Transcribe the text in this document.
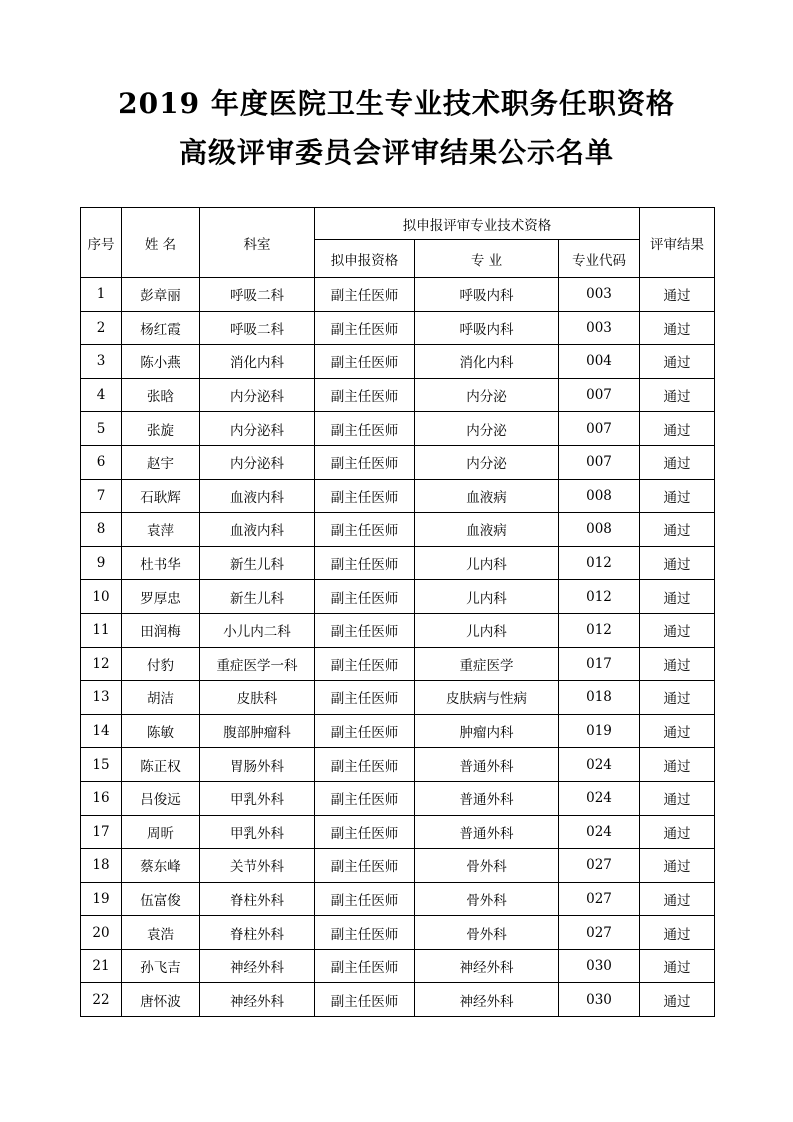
2019 年度医院卫生专业技术职务任职资格
高级评审委员会评审结果公示名单
序号	姓 名	科室	拟申报评审专业技术资格			评审结果
			拟申报资格	专 业	专业代码	
1	彭章丽	呼吸二科	副主任医师	呼吸内科	003	通过
2	杨红霞	呼吸二科	副主任医师	呼吸内科	003	通过
3	陈小燕	消化内科	副主任医师	消化内科	004	通过
4	张晗	内分泌科	副主任医师	内分泌	007	通过
5	张旋	内分泌科	副主任医师	内分泌	007	通过
6	赵宇	内分泌科	副主任医师	内分泌	007	通过
7	石耿辉	血液内科	副主任医师	血液病	008	通过
8	袁萍	血液内科	副主任医师	血液病	008	通过
9	杜书华	新生儿科	副主任医师	儿内科	012	通过
10	罗厚忠	新生儿科	副主任医师	儿内科	012	通过
11	田润梅	小儿内二科	副主任医师	儿内科	012	通过
12	付豹	重症医学一科	副主任医师	重症医学	017	通过
13	胡洁	皮肤科	副主任医师	皮肤病与性病	018	通过
14	陈敏	腹部肿瘤科	副主任医师	肿瘤内科	019	通过
15	陈正权	胃肠外科	副主任医师	普通外科	024	通过
16	吕俊远	甲乳外科	副主任医师	普通外科	024	通过
17	周昕	甲乳外科	副主任医师	普通外科	024	通过
18	蔡东峰	关节外科	副主任医师	骨外科	027	通过
19	伍富俊	脊柱外科	副主任医师	骨外科	027	通过
20	袁浩	脊柱外科	副主任医师	骨外科	027	通过
21	孙飞吉	神经外科	副主任医师	神经外科	030	通过
22	唐怀波	神经外科	副主任医师	神经外科	030	通过
